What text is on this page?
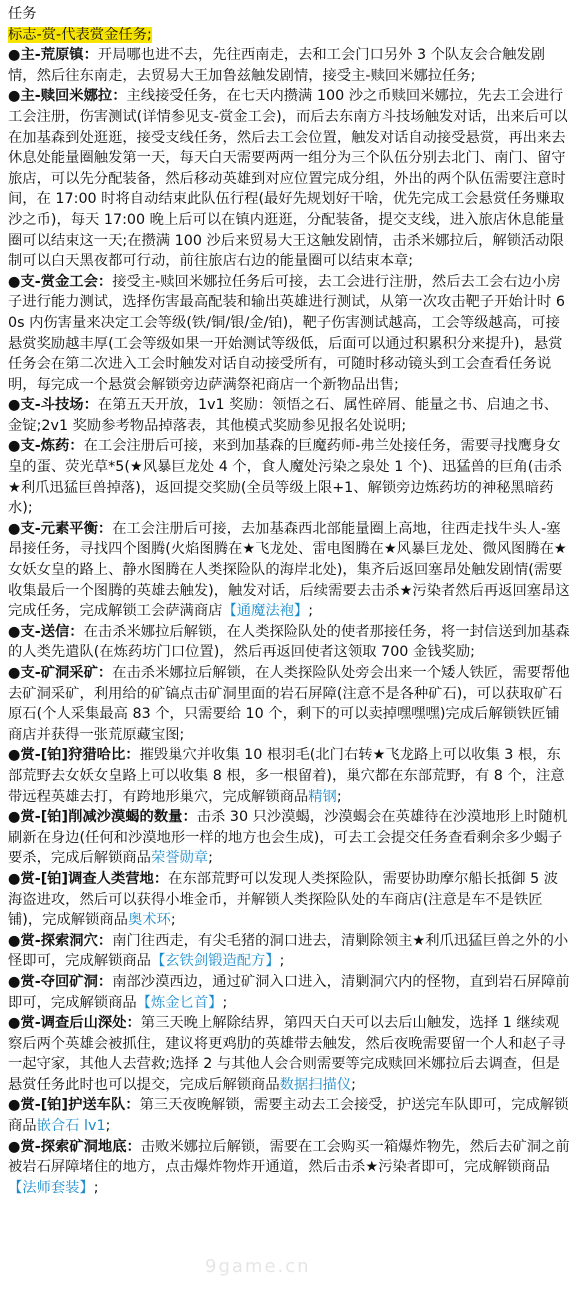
任务

标志-赏-代表赏金任务;

●主-荒原镇：开局哪也进不去，先往西南走，去和工会门口另外 3 个队友会合触发剧情，然后往东南走，去贸易大王加鲁兹触发剧情，接受主-赎回米娜拉任务;

●主-赎回米娜拉：主线接受任务，在七天内攒满 100 沙之币赎回米娜拉，先去工会进行工会注册，伤害测试(详情参见支-赏金工会)，而后去东南方斗技场触发对话，出来后可以在加基森到处逛逛，接受支线任务，然后去工会位置，触发对话自动接受悬赏，再出来去休息处能量圈触发第一天，每天白天需要两两一组分为三个队伍分别去北门、南门、留守旅店，可以先分配装备，然后移动英雄到对应位置完成分组，外出的两个队伍需要注意时间，在 17:00 时将自动结束此队伍行程(最好先规划好干啥，优先完成工会悬赏任务赚取沙之币)，每天 17:00 晚上后可以在镇内逛逛，分配装备，提交支线，进入旅店休息能量圈可以结束这一天;在攒满 100 沙后来贸易大王这触发剧情，击杀米娜拉后，解锁活动限制可以白天黑夜都可行动，前往旅店右边的能量圈可以结束本章;

●支-赏金工会：接受主-赎回米娜拉任务后可接，去工会进行注册，然后去工会右边小房子进行能力测试，选择伤害最高配装和输出英雄进行测试，从第一次攻击靶子开始计时 60s 内伤害量来决定工会等级(铁/铜/银/金/铂)，靶子伤害测试越高，工会等级越高，可接悬赏奖励越丰厚(工会等级如果一开始测试等级低，后面可以通过积累积分来提升)，悬赏任务会在第二次进入工会时触发对话自动接受所有，可随时移动镜头到工会查看任务说明，每完成一个悬赏会解锁旁边萨满祭祀商店一个新物品出售;

●支-斗技场：在第五天开放，1v1 奖励：领悟之石、属性碎屑、能量之书、启迪之书、金锭;2v1 奖励参考物品掉落表，其他模式奖励参见报名处说明;

●支-炼药：在工会注册后可接，来到加基森的巨魔药师-弗兰处接任务，需要寻找鹰身女皇的蛋、荧光草*5(★风暴巨龙处 4 个，食人魔处污染之泉处 1 个)、迅猛兽的巨角(击杀★利爪迅猛巨兽掉落)，返回提交奖励(全员等级上限+1、解锁旁边炼药坊的神秘黑暗药水);

●支-元素平衡：在工会注册后可接，去加基森西北部能量圈上高地，往西走找牛头人-塞昂接任务，寻找四个图腾(火焰图腾在★飞龙处、雷电图腾在★风暴巨龙处、微风图腾在★女妖女皇的路上、静水图腾在人类探险队的海岸北处)，集齐后返回塞昂处触发剧情(需要收集最后一个图腾的英雄去触发)，触发对话，后续需要去击杀★污染者然后再返回塞昂这完成任务，完成解锁工会萨满商店【通魔法袍】;

●支-送信：在击杀米娜拉后解锁，在人类探险队处的使者那接任务，将一封信送到加基森的人类先遣队(在炼药坊门口位置)，然后再返回使者这领取 700 金钱奖励;

●支-矿洞采矿：在击杀米娜拉后解锁，在人类探险队处旁会出来一个矮人铁匠，需要帮他去矿洞采矿，利用给的矿镐点击矿洞里面的岩石屏障(注意不是各种矿石)，可以获取矿石原石(个人采集最高 83 个，只需要给 10 个，剩下的可以卖掉嘿嘿嘿)完成后解锁铁匠铺商店并获得一张荒原藏宝图;

●赏-[铂]狩猎哈比：摧毁巢穴并收集 10 根羽毛(北门右转★飞龙路上可以收集 3 根，东部荒野去女妖女皇路上可以收集 8 根，多一根留着)，巢穴都在东部荒野，有 8 个，注意带远程英雄去打，有跨地形巢穴，完成解锁商品精钢;

●赏-[铂]削减沙漠蝎的数量：击杀 30 只沙漠蝎，沙漠蝎会在英雄待在沙漠地形上时随机刷新在身边(任何和沙漠地形一样的地方也会生成)，可去工会提交任务查看剩余多少蝎子要杀，完成后解锁商品荣誉勋章;

●赏-[铂]调查人类营地：在东部荒野可以发现人类探险队，需要协助摩尔船长抵御 5 波海盗进攻，然后可以获得小堆金币，并解锁人类探险队处的车商店(注意是车不是铁匠铺)，完成解锁商品奥术环;

●赏-探索洞穴：南门往西走，有尖毛猪的洞口进去，清剿除领主★利爪迅猛巨兽之外的小怪即可，完成解锁商品【玄铁剑锻造配方】;

●赏-夺回矿洞：南部沙漠西边，通过矿洞入口进入，清剿洞穴内的怪物，直到岩石屏障前即可，完成解锁商品【炼金匕首】;

●赏-调查后山深处：第三天晚上解除结界，第四天白天可以去后山触发，选择 1 继续观察后两个英雄会被抓住，建议将更鸡肋的英雄带去触发，然后夜晚需要留一个人和赵子寻一起守家，其他人去营救;选择 2 与其他人会合则需要等完成赎回米娜拉后去调查，但是悬赏任务此时也可以提交，完成后解锁商品数据扫描仪;

●赏-[铂]护送车队：第三天夜晚解锁，需要主动去工会接受，护送完车队即可，完成解锁商品嵌合石 lv1;

●赏-探索矿洞地底：击败米娜拉后解锁，需要在工会购买一箱爆炸物先，然后去矿洞之前被岩石屏障堵住的地方，点击爆炸物炸开通道，然后击杀★污染者即可，完成解锁商品【法师套装】;

9game.cn
